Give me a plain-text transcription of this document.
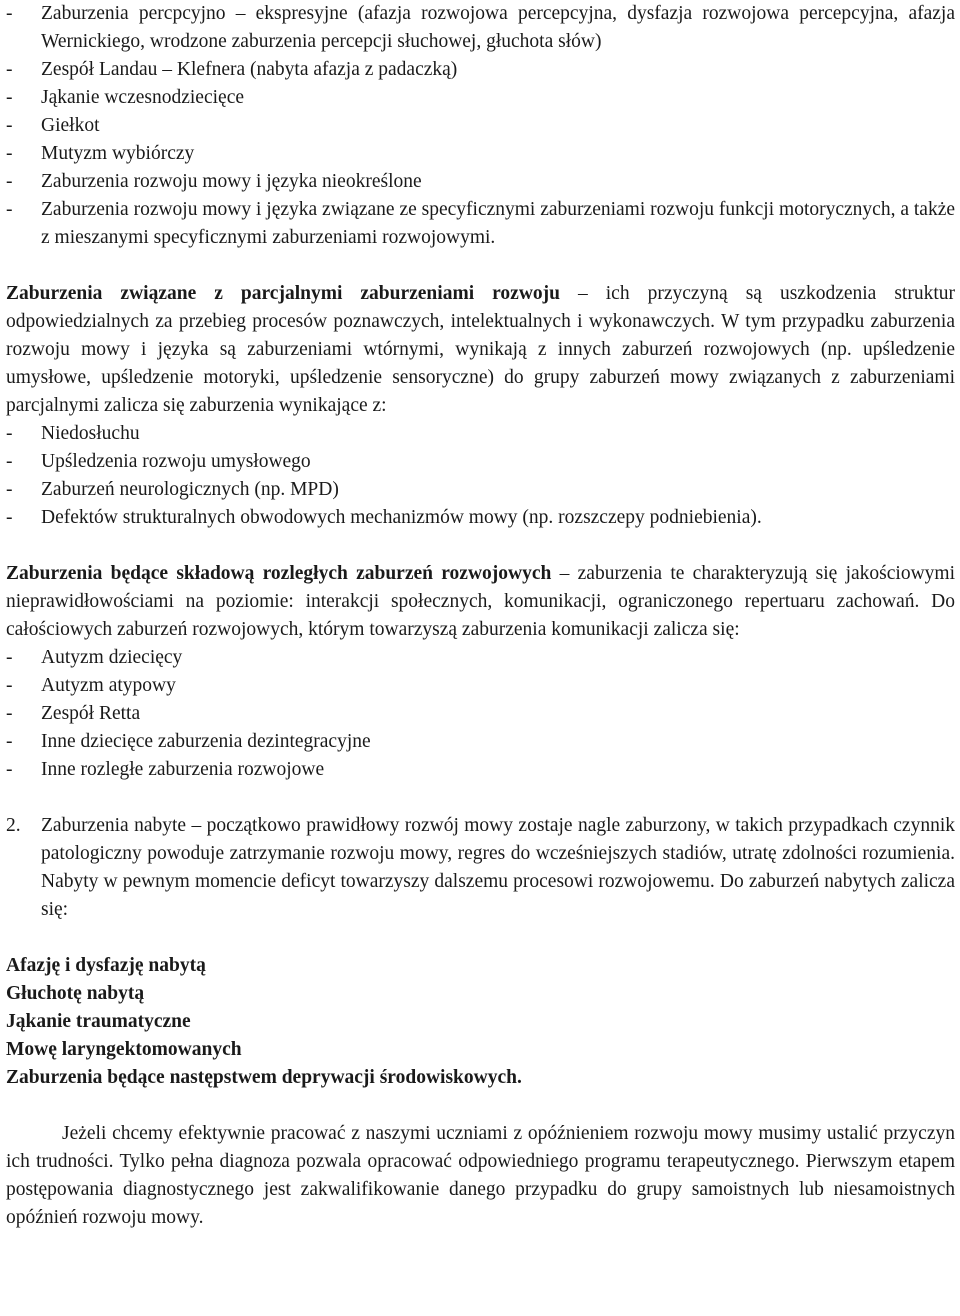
- Zaburzenia percpcyjno – ekspresyjne (afazja rozwojowa percepcyjna, dysfazja rozwojowa percepcyjna, afazja Wernickiego, wrodzone zaburzenia percepcji słuchowej, głuchota słów)
- Zespół Landau – Klefnera (nabyta afazja z padaczką)
- Jąkanie wczesnodziecięce
- Giełkot
- Mutyzm wybiórczy
- Zaburzenia rozwoju mowy i języka nieokreślone
- Zaburzenia rozwoju mowy i języka związane ze specyficznymi zaburzeniami rozwoju funkcji motorycznych, a także z mieszanymi specyficznymi zaburzeniami rozwojowymi.

Zaburzenia związane z parcjalnymi zaburzeniami rozwoju – ich przyczyną są uszkodzenia struktur odpowiedzialnych za przebieg procesów poznawczych, intelektualnych i wykonawczych. W tym przypadku zaburzenia rozwoju mowy i języka są zaburzeniami wtórnymi, wynikają z innych zaburzeń rozwojowych (np. upśledzenie umysłowe, upśledzenie motoryki, upśledzenie sensoryczne) do grupy zaburzeń mowy związanych z zaburzeniami parcjalnymi zalicza się zaburzenia wynikające z:

- Niedosłuchu
- Upśledzenia rozwoju umysłowego
- Zaburzeń neurologicznych (np. MPD)
- Defektów strukturalnych obwodowych mechanizmów mowy (np. rozszczepy podniebienia).

Zaburzenia będące składową rozległych zaburzeń rozwojowych – zaburzenia te charakteryzują się jakościowymi nieprawidłowościami na poziomie: interakcji społecznych, komunikacji, ograniczonego repertuaru zachowań. Do całościowych zaburzeń rozwojowych, którym towarzyszą zaburzenia komunikacji zalicza się:

- Autyzm dziecięcy
- Autyzm atypowy
- Zespół Retta
- Inne dziecięce zaburzenia dezintegracyjne
- Inne rozległe zaburzenia rozwojowe
2. Zaburzenia nabyte – początkowo prawidłowy rozwój mowy zostaje nagle zaburzony, w takich przypadkach czynnik patologiczny powoduje zatrzymanie rozwoju mowy, regres do wcześniejszych stadiów, utratę zdolności rozumienia. Nabyty w pewnym momencie deficyt towarzyszy dalszemu procesowi rozwojowemu. Do zaburzeń nabytych zalicza się:
Afazję i dysfazję nabytą
Głuchotę nabytą
Jąkanie traumatyczne
Mowę laryngektomowanych
Zaburzenia będące następstwem deprywacji środowiskowych.

Jeżeli chcemy efektywnie pracować z naszymi uczniami z opóźnieniem rozwoju mowy musimy ustalić przyczyn ich trudności. Tylko pełna diagnoza pozwala opracować odpowiedniego programu terapeutycznego. Pierwszym etapem postępowania diagnostycznego jest zakwalifikowanie danego przypadku do grupy samoistnych lub niesamoistnych opóźnień rozwoju mowy.
